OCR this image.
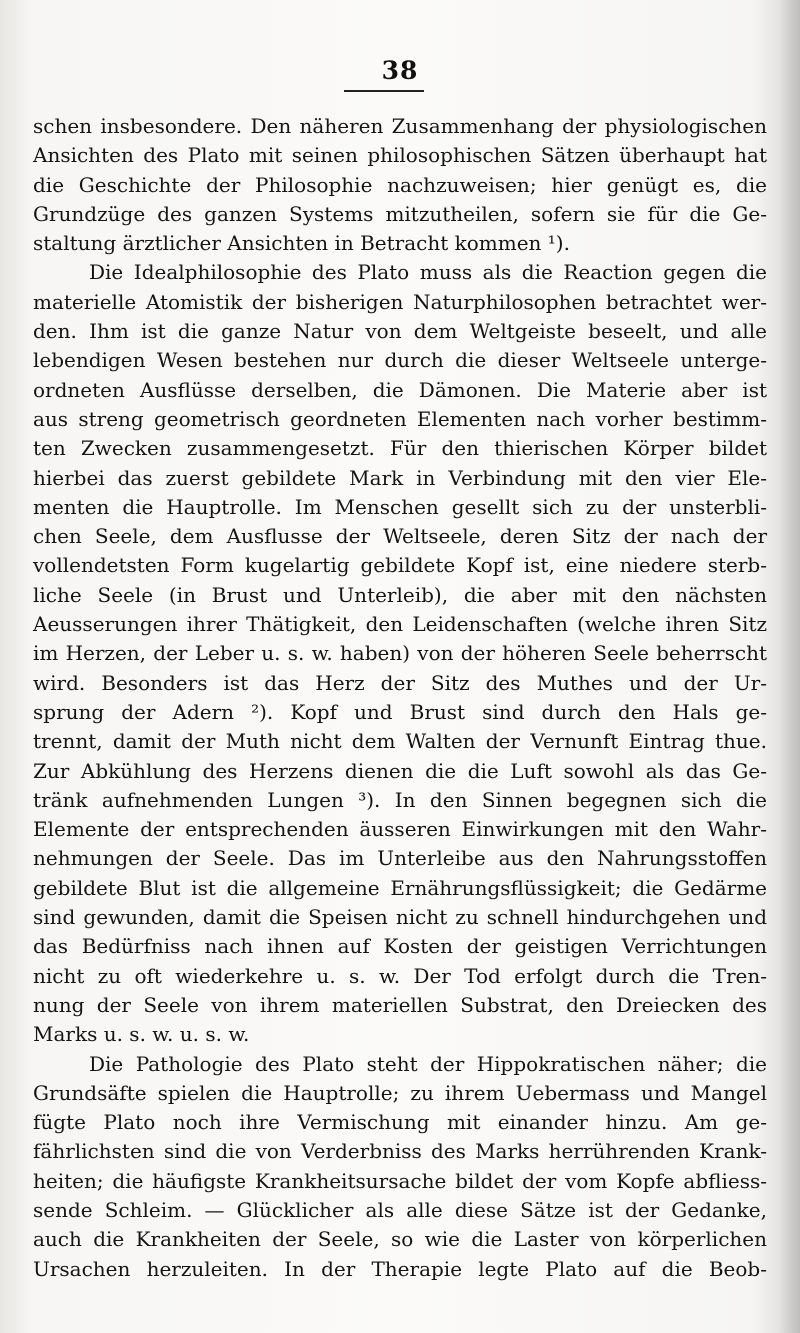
38
schen insbesondere. Den näheren Zusammenhang der physiologischen
Ansichten des Plato mit seinen philosophischen Sätzen überhaupt hat
die Geschichte der Philosophie nachzuweisen; hier genügt es, die
Grundzüge des ganzen Systems mitzutheilen, sofern sie für die Ge-
staltung ärztlicher Ansichten in Betracht kommen ¹).
Die Idealphilosophie des Plato muss als die Reaction gegen die
materielle Atomistik der bisherigen Naturphilosophen betrachtet wer-
den. Ihm ist die ganze Natur von dem Weltgeiste beseelt, und alle
lebendigen Wesen bestehen nur durch die dieser Weltseele unterge-
ordneten Ausflüsse derselben, die Dämonen. Die Materie aber ist
aus streng geometrisch geordneten Elementen nach vorher bestimm-
ten Zwecken zusammengesetzt. Für den thierischen Körper bildet
hierbei das zuerst gebildete Mark in Verbindung mit den vier Ele-
menten die Hauptrolle. Im Menschen gesellt sich zu der unsterbli-
chen Seele, dem Ausflusse der Weltseele, deren Sitz der nach der
vollendetsten Form kugelartig gebildete Kopf ist, eine niedere sterb-
liche Seele (in Brust und Unterleib), die aber mit den nächsten
Aeusserungen ihrer Thätigkeit, den Leidenschaften (welche ihren Sitz
im Herzen, der Leber u. s. w. haben) von der höheren Seele beherrscht
wird. Besonders ist das Herz der Sitz des Muthes und der Ur-
sprung der Adern ²). Kopf und Brust sind durch den Hals ge-
trennt, damit der Muth nicht dem Walten der Vernunft Eintrag thue.
Zur Abkühlung des Herzens dienen die die Luft sowohl als das Ge-
tränk aufnehmenden Lungen ³). In den Sinnen begegnen sich die
Elemente der entsprechenden äusseren Einwirkungen mit den Wahr-
nehmungen der Seele. Das im Unterleibe aus den Nahrungsstoffen
gebildete Blut ist die allgemeine Ernährungsflüssigkeit; die Gedärme
sind gewunden, damit die Speisen nicht zu schnell hindurchgehen und
das Bedürfniss nach ihnen auf Kosten der geistigen Verrichtungen
nicht zu oft wiederkehre u. s. w. Der Tod erfolgt durch die Tren-
nung der Seele von ihrem materiellen Substrat, den Dreiecken des
Marks u. s. w. u. s. w.
Die Pathologie des Plato steht der Hippokratischen näher; die
Grundsäfte spielen die Hauptrolle; zu ihrem Uebermass und Mangel
fügte Plato noch ihre Vermischung mit einander hinzu. Am ge-
fährlichsten sind die von Verderbniss des Marks herrührenden Krank-
heiten; die häufigste Krankheitsursache bildet der vom Kopfe abfliess-
sende Schleim. — Glücklicher als alle diese Sätze ist der Gedanke,
auch die Krankheiten der Seele, so wie die Laster von körperlichen
Ursachen herzuleiten. In der Therapie legte Plato auf die Beob-
